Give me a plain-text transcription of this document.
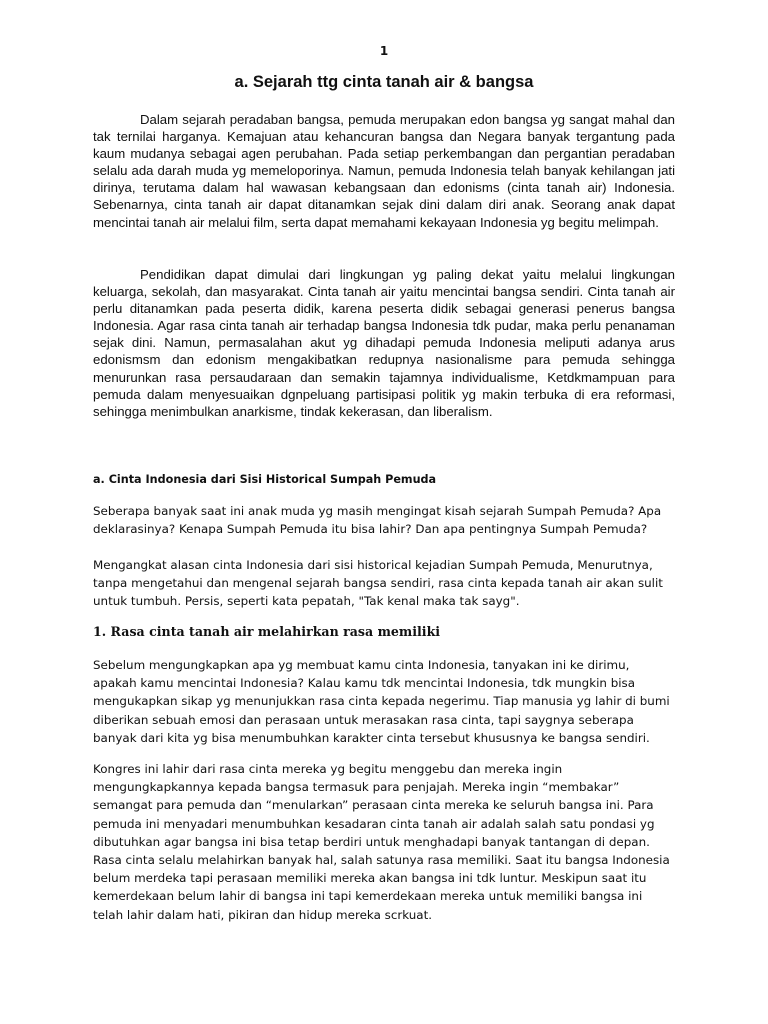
1
a. Sejarah ttg cinta tanah air & bangsa

Dalam sejarah peradaban bangsa, pemuda merupakan edon bangsa yg sangat mahal dan tak ternilai harganya. Kemajuan atau kehancuran bangsa dan Negara banyak tergantung pada kaum mudanya sebagai agen perubahan. Pada setiap perkembangan dan pergantian peradaban selalu ada darah muda yg memeloporinya. Namun, pemuda Indonesia telah banyak kehilangan jati dirinya, terutama dalam hal wawasan kebangsaan dan edonisms (cinta tanah air) Indonesia. Sebenarnya, cinta tanah air dapat ditanamkan sejak dini dalam diri anak. Seorang anak dapat mencintai tanah air melalui film, serta dapat memahami kekayaan Indonesia yg begitu melimpah.

Pendidikan dapat dimulai dari lingkungan yg paling dekat yaitu melalui lingkungan keluarga, sekolah, dan masyarakat. Cinta tanah air yaitu mencintai bangsa sendiri. Cinta tanah air perlu ditanamkan pada peserta didik, karena peserta didik sebagai generasi penerus bangsa Indonesia. Agar rasa cinta tanah air terhadap bangsa Indonesia tdk pudar, maka perlu penanaman sejak dini. Namun, permasalahan akut yg dihadapi pemuda Indonesia meliputi adanya arus edonismsm dan edonism mengakibatkan redupnya nasionalisme para pemuda sehingga menurunkan rasa persaudaraan dan semakin tajamnya individualisme, Ketdkmampuan para pemuda dalam menyesuaikan dgnpeluang partisipasi politik yg makin terbuka di era reformasi, sehingga menimbulkan anarkisme, tindak kekerasan, dan liberalism.

a. Cinta Indonesia dari Sisi Historical Sumpah Pemuda

Seberapa banyak saat ini anak muda yg masih mengingat kisah sejarah Sumpah Pemuda? Apa
deklarasinya? Kenapa Sumpah Pemuda itu bisa lahir? Dan apa pentingnya Sumpah Pemuda?

Mengangkat alasan cinta Indonesia dari sisi historical kejadian Sumpah Pemuda, Menurutnya,
tanpa mengetahui dan mengenal sejarah bangsa sendiri, rasa cinta kepada tanah air akan sulit
untuk tumbuh. Persis, seperti kata pepatah, "Tak kenal maka tak sayg".

1. Rasa cinta tanah air melahirkan rasa memiliki

Sebelum mengungkapkan apa yg membuat kamu cinta Indonesia, tanyakan ini ke dirimu,
apakah kamu mencintai Indonesia? Kalau kamu tdk mencintai Indonesia, tdk mungkin bisa
mengukapkan sikap yg menunjukkan rasa cinta kepada negerimu. Tiap manusia yg lahir di bumi
diberikan sebuah emosi dan perasaan untuk merasakan rasa cinta, tapi saygnya seberapa
banyak dari kita yg bisa menumbuhkan karakter cinta tersebut khususnya ke bangsa sendiri.

Kongres ini lahir dari rasa cinta mereka yg begitu menggebu dan mereka ingin
mengungkapkannya kepada bangsa termasuk para penjajah. Mereka ingin “membakar”
semangat para pemuda dan “menularkan” perasaan cinta mereka ke seluruh bangsa ini. Para
pemuda ini menyadari menumbuhkan kesadaran cinta tanah air adalah salah satu pondasi yg
dibutuhkan agar bangsa ini bisa tetap berdiri untuk menghadapi banyak tantangan di depan.
Rasa cinta selalu melahirkan banyak hal, salah satunya rasa memiliki. Saat itu bangsa Indonesia
belum merdeka tapi perasaan memiliki mereka akan bangsa ini tdk luntur. Meskipun saat itu
kemerdekaan belum lahir di bangsa ini tapi kemerdekaan mereka untuk memiliki bangsa ini
telah lahir dalam hati, pikiran dan hidup mereka scrkuat.
